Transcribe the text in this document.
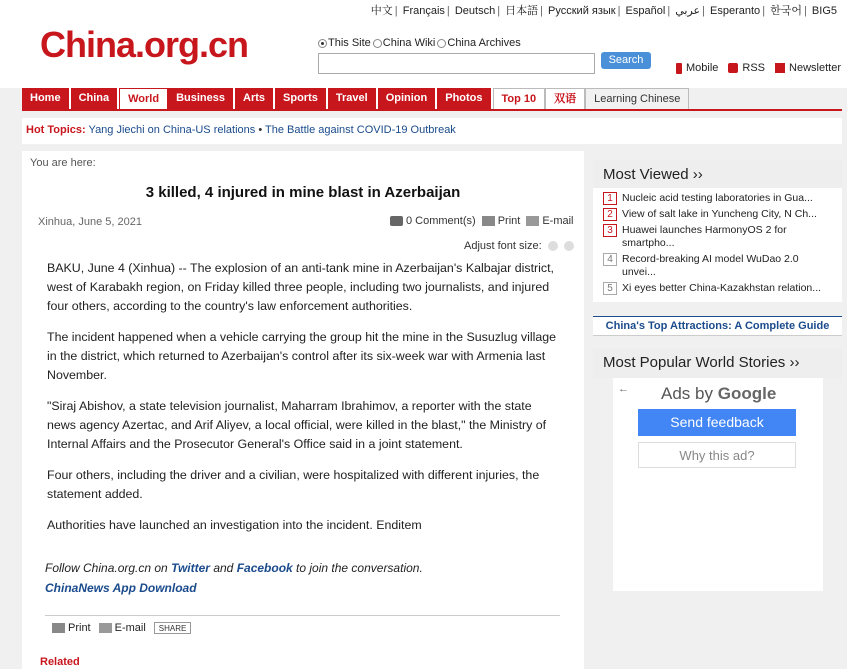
中文 | Français | Deutsch | 日本語 | Русский язык | Español | عربي | Esperanto | 한국어 | BIG5
China.org.cn	This Site China Wiki China Archives
Search
Mobile	RSS	Newsletter
Home	China	World	Business	Arts	Sports	Travel	Opinion	Photos	Top 10	双语	Learning Chinese
Hot Topics: Yang Jiechi on China-US relations • The Battle against COVID-19 Outbreak
You are here:
3 killed, 4 injured in mine blast in Azerbaijan
Xinhua, June 5, 2021	0 Comment(s)	Print	E-mail
Adjust font size:

BAKU, June 4 (Xinhua) -- The explosion of an anti-tank mine in Azerbaijan's Kalbajar district, west of Karabakh region, on Friday killed three people, including two journalists, and injured four others, according to the country's law enforcement authorities.

The incident happened when a vehicle carrying the group hit the mine in the Susuzlug village in the district, which returned to Azerbaijan's control after its six-week war with Armenia last November.

"Siraj Abishov, a state television journalist, Maharram Ibrahimov, a reporter with the state news agency Azertac, and Arif Aliyev, a local official, were killed in the blast," the Ministry of Internal Affairs and the Prosecutor General's Office said in a joint statement.

Four others, including the driver and a civilian, were hospitalized with different injuries, the statement added.

Authorities have launched an investigation into the incident. Enditem

Follow China.org.cn on Twitter and Facebook to join the conversation.
ChinaNews App Download
Print	E-mail	SHARE
Related
Most Viewed ››
1 Nucleic acid testing laboratories in Gua...
2 View of salt lake in Yuncheng City, N Ch...
3 Huawei launches HarmonyOS 2 for smartpho...
4 Record-breaking AI model WuDao 2.0 unvei...
5 Xi eyes better China-Kazakhstan relation...
China's Top Attractions: A Complete Guide
Most Popular World Stories ››
← Ads by Google
Send feedback
Why this ad?
